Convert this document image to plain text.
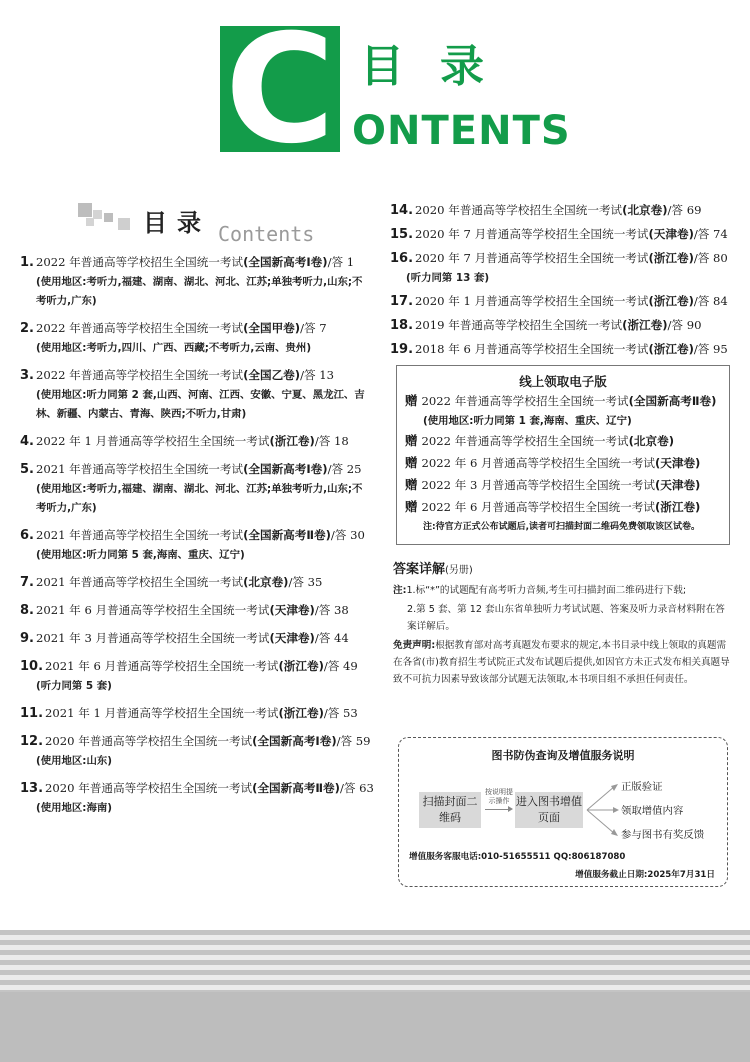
C 目录
ONTENTS
目录 Contents
1. 2022 年普通高等学校招生全国统一考试(全国新高考Ⅰ卷)/答 1
(使用地区:考听力,福建、湖南、湖北、河北、江苏;单独考听力,山东;不考听力,广东)
2. 2022 年普通高等学校招生全国统一考试(全国甲卷)/答 7
(使用地区:考听力,四川、广西、西藏;不考听力,云南、贵州)
3. 2022 年普通高等学校招生全国统一考试(全国乙卷)/答 13
(使用地区:听力同第 2 套,山西、河南、江西、安徽、宁夏、黑龙江、吉林、新疆、内蒙古、青海、陕西;不听力,甘肃)
4. 2022 年 1 月普通高等学校招生全国统一考试(浙江卷)/答 18
5. 2021 年普通高等学校招生全国统一考试(全国新高考Ⅰ卷)/答 25
(使用地区:考听力,福建、湖南、湖北、河北、江苏;单独考听力,山东;不考听力,广东)
6. 2021 年普通高等学校招生全国统一考试(全国新高考Ⅱ卷)/答 30
(使用地区:听力同第 5 套,海南、重庆、辽宁)
7. 2021 年普通高等学校招生全国统一考试(北京卷)/答 35
8. 2021 年 6 月普通高等学校招生全国统一考试(天津卷)/答 38
9. 2021 年 3 月普通高等学校招生全国统一考试(天津卷)/答 44
10. 2021 年 6 月普通高等学校招生全国统一考试(浙江卷)/答 49
(听力同第 5 套)
11. 2021 年 1 月普通高等学校招生全国统一考试(浙江卷)/答 53
12. 2020 年普通高等学校招生全国统一考试(全国新高考Ⅰ卷)/答 59
(使用地区:山东)
13. 2020 年普通高等学校招生全国统一考试(全国新高考Ⅱ卷)/答 63
(使用地区:海南)
14. 2020 年普通高等学校招生全国统一考试(北京卷)/答 69
15. 2020 年 7 月普通高等学校招生全国统一考试(天津卷)/答 74
16. 2020 年 7 月普通高等学校招生全国统一考试(浙江卷)/答 80
(听力同第 13 套)
17. 2020 年 1 月普通高等学校招生全国统一考试(浙江卷)/答 84
18. 2019 年普通高等学校招生全国统一考试(浙江卷)/答 90
19. 2018 年 6 月普通高等学校招生全国统一考试(浙江卷)/答 95
线上领取电子版
赠 2022 年普通高等学校招生全国统一考试(全国新高考Ⅱ卷)
(使用地区:听力同第 1 套,海南、重庆、辽宁)
赠 2022 年普通高等学校招生全国统一考试(北京卷)
赠 2022 年 6 月普通高等学校招生全国统一考试(天津卷)
赠 2022 年 3 月普通高等学校招生全国统一考试(天津卷)
赠 2022 年 6 月普通高等学校招生全国统一考试(浙江卷)
注:待官方正式公布试题后,读者可扫描封面二维码免费领取该区试卷。
答案详解(另册)

注:1.标“*”的试题配有高考听力音频,考生可扫描封面二维码进行下载;

2.第 5 套、第 12 套山东省单独听力考试试题、答案及听力录音材料附在答案详解后。

免责声明:根据教育部对高考真题发布要求的规定,本书目录中线上领取的真题需在各省(市)教育招生考试院正式发布试题后提供,如因官方未正式发布相关真题导致不可抗力因素导致该部分试题无法领取,本书项目组不承担任何责任。
图书防伪查询及增值服务说明
扫描封面二维码
按说明提示操作 进入图书增值页面
正版验证
领取增值内容
参与图书有奖反馈
增值服务客服电话:010-51655511 QQ:806187080
增值服务截止日期:2025年7月31日
